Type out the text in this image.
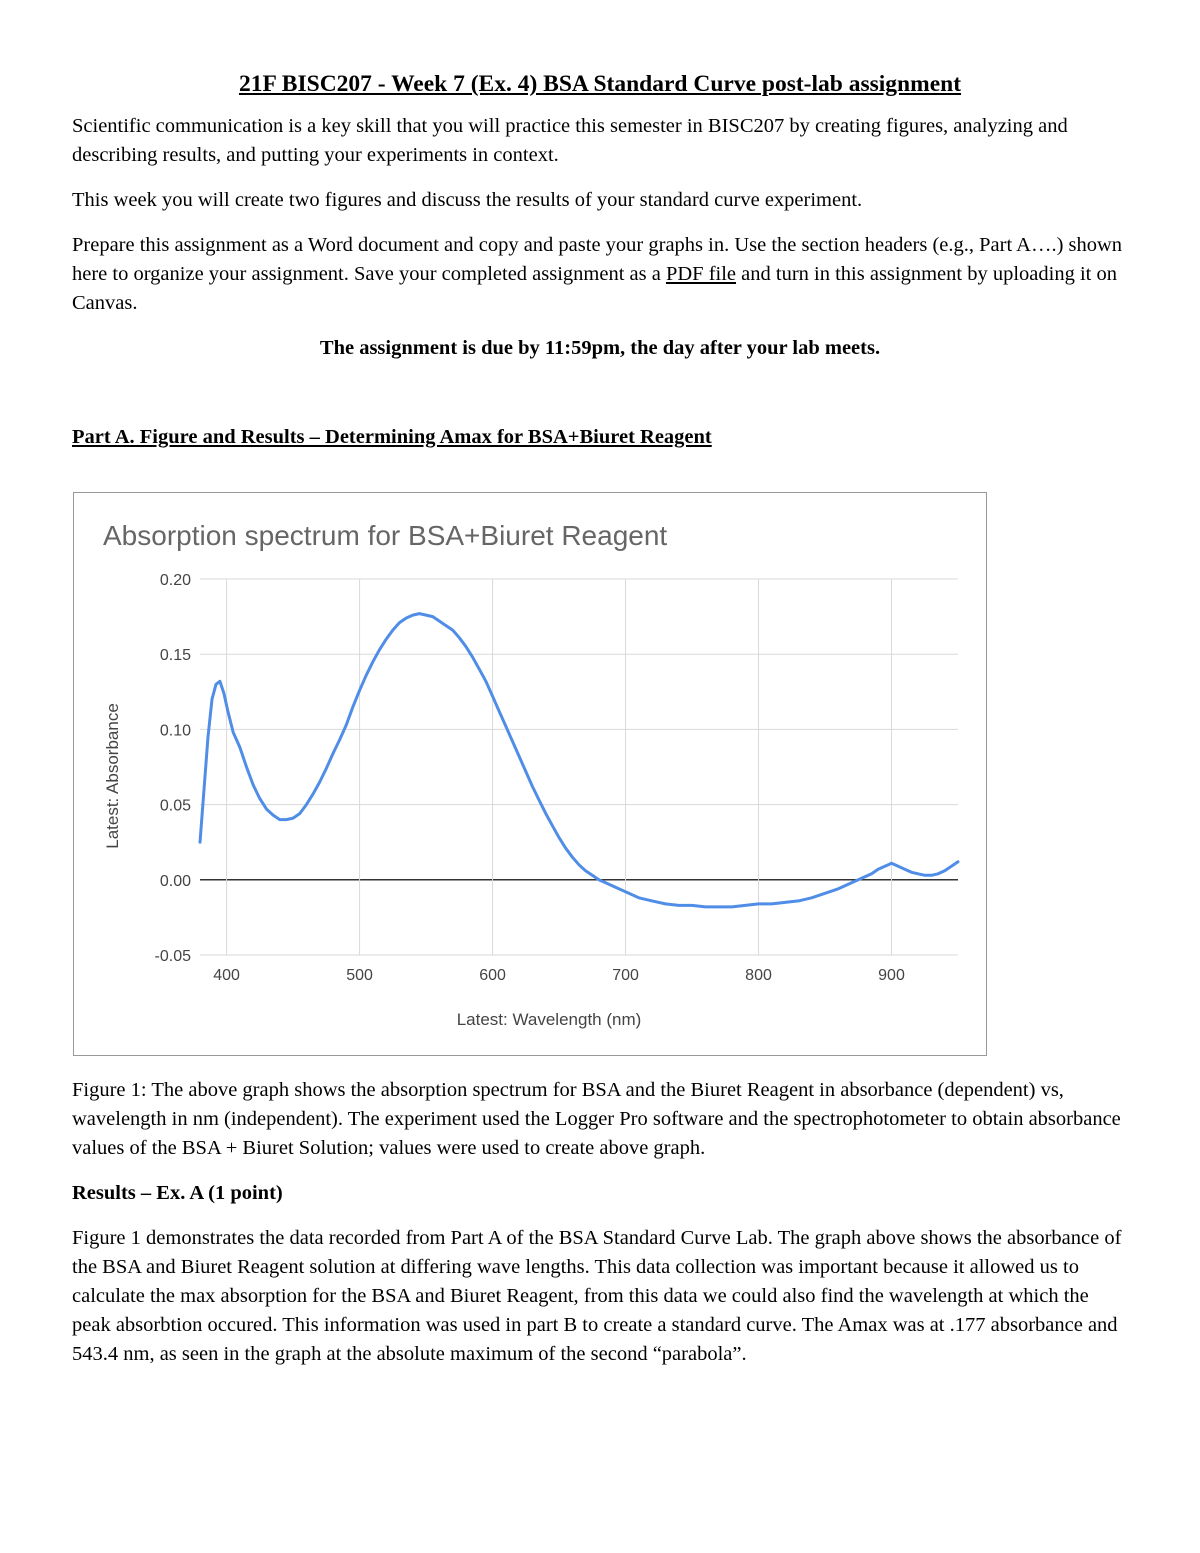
21F BISC207 - Week 7 (Ex. 4) BSA Standard Curve post-lab assignment

Scientific communication is a key skill that you will practice this semester in BISC207 by creating figures, analyzing and describing results, and putting your experiments in context.

This week you will create two figures and discuss the results of your standard curve experiment.

Prepare this assignment as a Word document and copy and paste your graphs in. Use the section headers (e.g., Part A….) shown here to organize your assignment. Save your completed assignment as a PDF file and turn in this assignment by uploading it on Canvas.

The assignment is due by 11:59pm, the day after your lab meets.
Part A. Figure and Results – Determining Amax for BSA+Biuret Reagent
Absorption spectrum for BSA+Biuret Reagent
-0.05
0.00
0.05
0.10
0.15
0.20
400	500	600	700	800	900
Latest: Wavelength (nm)
Latest: Absorbance

Figure 1: The above graph shows the absorption spectrum for BSA and the Biuret Reagent in absorbance (dependent) vs, wavelength in nm (independent). The experiment used the Logger Pro software and the spectrophotometer to obtain absorbance values of the BSA + Biuret Solution; values were used to create above graph.

Results – Ex. A (1 point)

Figure 1 demonstrates the data recorded from Part A of the BSA Standard Curve Lab. The graph above shows the absorbance of the BSA and Biuret Reagent solution at differing wave lengths. This data collection was important because it allowed us to calculate the max absorption for the BSA and Biuret Reagent, from this data we could also find the wavelength at which the peak absorbtion occured. This information was used in part B to create a standard curve. The Amax was at .177 absorbance and 543.4 nm, as seen in the graph at the absolute maximum of the second “parabola”.
